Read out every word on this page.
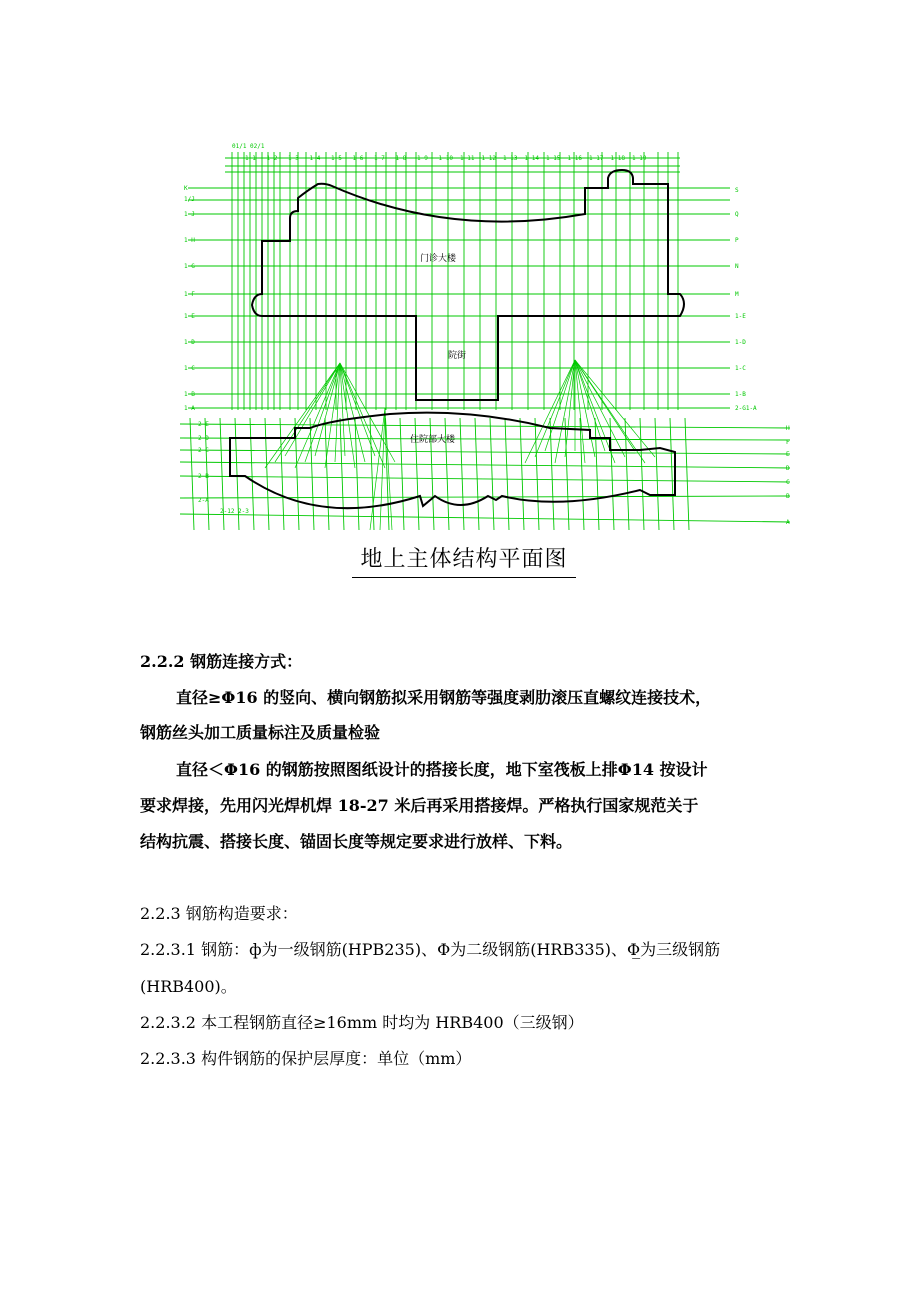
1-1 1-2 1-3 1-4 1-5 1-6 1-7 1-8 1-9 1-10 1-11 1-12 1-13 1-14 1-15 1-16 1-17 1-18 1-19
01/1 02/1
K
1/J
1-J
1-H
1-G
1-F
1-E
1-D
1-C
1-B
1-A
S
Q
P
N
M
1-E
1-D
1-C
1-B
2-G1-A
H
F
E
D
C
B
A
2-E
2-D
2-C
2-B
2-A
2-12 2-3
门诊大楼
院街
住院部大楼
地上主体结构平面图
2.2.2 钢筋连接方式：
直径≥Φ16 的竖向、横向钢筋拟采用钢筋等强度剥肋滚压直螺纹连接技术，
钢筋丝头加工质量标注及质量检验
直径＜Φ16 的钢筋按照图纸设计的搭接长度，地下室筏板上排Φ14 按设计
要求焊接，先用闪光焊机焊 18-27 米后再采用搭接焊。严格执行国家规范关于
结构抗震、搭接长度、锚固长度等规定要求进行放样、下料。
2.2.3 钢筋构造要求：
2.2.3.1 钢筋：ф为一级钢筋(HPB235)、Φ为二级钢筋(HRB335)、Φ̲为三级钢筋
(HRB400)。
2.2.3.2 本工程钢筋直径≥16mm 时均为 HRB400（三级钢）
2.2.3.3 构件钢筋的保护层厚度：单位（mm）
